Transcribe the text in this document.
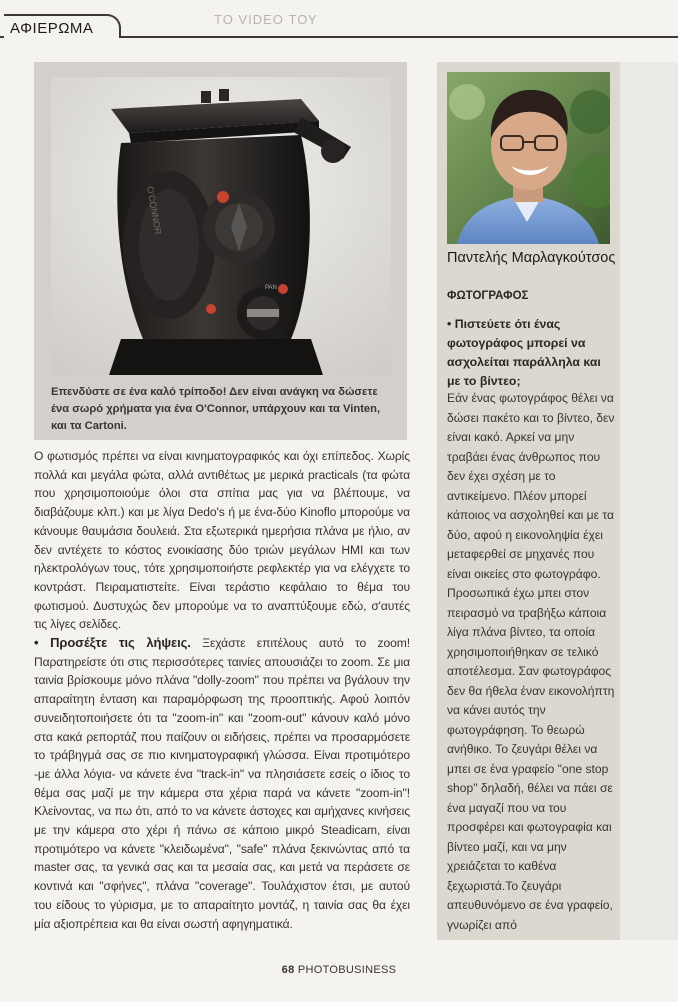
ΑΦΙΕΡΩΜΑ
ΤΟ VIDEO ΤΟΥ
O'CONNOR
PAN
Επενδύστε σε ένα καλό τρίποδο! Δεν είναι ανάγκη να δώσετε ένα σωρό χρήματα για ένα O'Connor, υπάρχουν και τα Vinten, και τα Cartoni.
Ο φωτισμός πρέπει να είναι κινηματογραφικός και όχι επίπεδος. Χωρίς πολλά και μεγάλα φώτα, αλλά αντιθέτως με μερικά practicals (τα φώτα που χρησιμοποιούμε όλοι στα σπίτια μας για να βλέπουμε, να διαβάζουμε κλπ.) και με λίγα Dedo's ή με ένα-δύο Kinoflo μπορούμε να κάνουμε θαυμάσια δουλειά. Στα εξωτερικά ημερήσια πλάνα με ήλιο, αν δεν αντέχετε το κόστος ενοικίασης δύο τριών μεγάλων HMI και των ηλεκτρολόγων τους, τότε χρησιμοποιήστε ρεφλεκτέρ για να ελέγχετε το κοντράστ. Πειραματιστείτε. Είναι τεράστιο κεφάλαιο το θέμα του φωτισμού. Δυστυχώς δεν μπορούμε να το αναπτύξουμε εδώ, σ'αυτές τις λίγες σελίδες.
• Προσέξτε τις λήψεις. Ξεχάστε επιτέλους αυτό το zoom! Παρατηρείστε ότι στις περισσότερες ταινίες απουσιάζει το zoom. Σε μια ταινία βρίσκουμε μόνο πλάνα "dolly-zoom" που πρέπει να βγάλουν την απαραίτητη ένταση και παραμόρφωση της προοπτικής. Αφού λοιπόν συνειδητοποιήσετε ότι τα "zoom-in" και "zoom-out" κάνουν καλό μόνο στα κακά ρεπορτάζ που παίζουν οι ειδήσεις, πρέπει να προσαρμόσετε το τράβηγμά σας σε πιο κινηματογραφική γλώσσα. Είναι προτιμότερο -με άλλα λόγια- να κάνετε ένα "track-in" να πλησιάσετε εσείς ο ίδιος το θέμα σας μαζί με την κάμερα στα χέρια παρά να κάνετε "zoom-in"! Κλείνοντας, να πω ότι, από το να κάνετε άστοχες και αμήχανες κινήσεις με την κάμερα στο χέρι ή πάνω σε κάποιο μικρό Steadicam, είναι προτιμότερο να κάνετε "κλειδωμένα", "safe" πλάνα ξεκινώντας από τα master σας, τα γενικά σας και τα μεσαία σας, και μετά να περάσετε σε κοντινά και "σφήνες", πλάνα "coverage". Τουλάχιστον έτσι, με αυτού του είδους το γύρισμα, με το απαραίτητο μοντάζ, η ταινία σας θα έχει μία αξιοπρέπεια και θα είναι σωστή αφηγηματικά.
Παντελής Μαρλαγκούτσος
ΦΩΤΟΓΡΑΦΟΣ
• Πιστεύετε ότι ένας φωτογράφος μπορεί να ασχολείται παράλληλα και με το βίντεο;
Εάν ένας φωτογράφος θέλει να δώσει πακέτο και το βίντεο, δεν είναι κακό. Αρκεί να μην τραβάει ένας άνθρωπος που δεν έχει σχέση με το αντικείμενο. Πλέον μπορεί κάποιος να ασχοληθεί και με τα δύο, αφού η εικονοληψία έχει μεταφερθεί σε μηχανές που είναι οικείες στο φωτογράφο. Προσωπικά έχω μπει στον πειρασμό να τραβήξω κάποια λίγα πλάνα βίντεο, τα οποία χρησιμοποιήθηκαν σε τελικό αποτέλεσμα. Σαν φωτογράφος δεν θα ήθελα έναν εικονολήπτη να κάνει αυτός την φωτογράφηση. Το θεωρώ ανήθικο. Το ζευγάρι θέλει να μπει σε ένα γραφείο "one stop shop" δηλαδή, θέλει να πάει σε ένα μαγαζί που να του προσφέρει και φωτογραφία και βίντεο μαζί, και να μην χρειάζεται το καθένα ξεχωριστά.Το ζευγάρι απευθυνόμενο σε ένα γραφείο, γνωρίζει από
68 PHOTOBUSINESS
